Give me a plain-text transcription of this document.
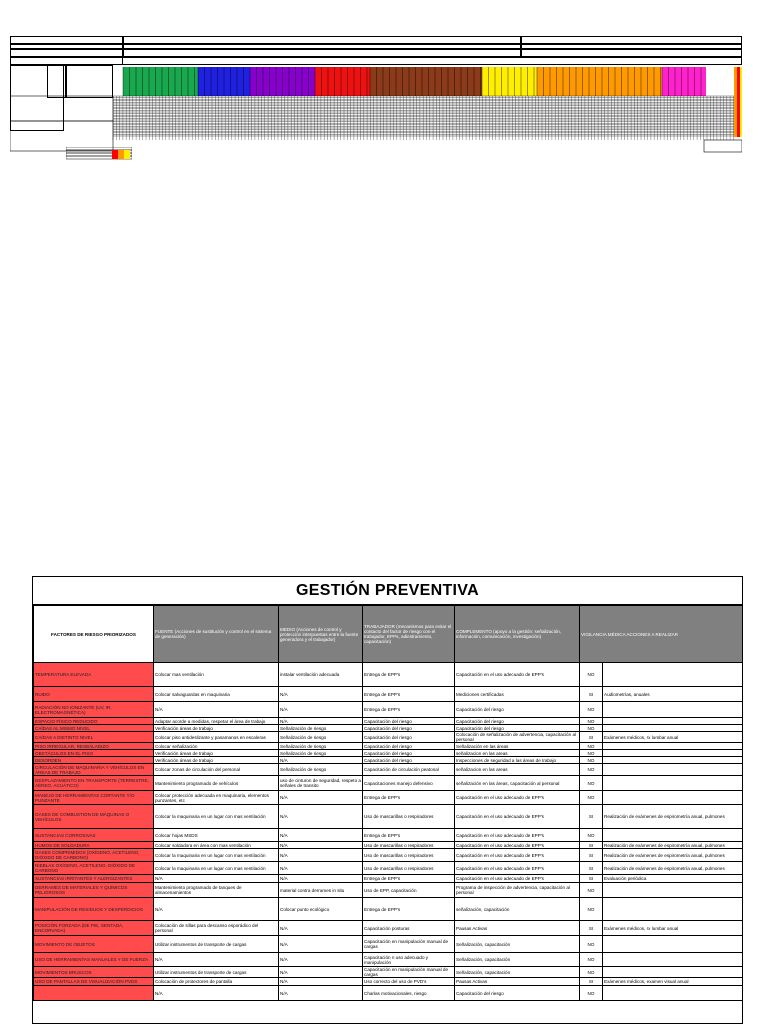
GESTIÓN PREVENTIVA
FACTORES DE RIESGO PRIORIZADOS	FUENTE (Acciones de sustitución y control en el sistema de generación)	MEDIO (Acciones de control y protección interpuestas entre la fuente generadora y el trabajador)	TRABAJADOR (mecanismos para evitar el contacto del factor de riesgo con el trabajador, EPPs, adiestramiento, capacitación)	COMPLEMENTO (apoyo a la gestión: señalización, información, comunicación, investigación)	VIGILANCIA MÉDICA ACCIONES A REALIZAR	
TEMPERATURA ELEVADA	Colocar mas ventilación	instalar ventilación adecuada	Entrega de EPP's	Capacitación en el uso adecuado de EPP's	NO	
RUIDO	Colocar salvaguardas en maquinaria	N/A	Entrega de EPP's	Mediciones certificadas	SI	Audiometrías, anuales
RADIACIÓN NO IONIZANTE (UV, IR, ELECTROMAGNÉTICA)	N/A	N/A	Entrega de EPP's	Capacitación del riesgo	NO	
ESPACIO FÍSICO REDUCIDO	Adaptar acorde a medidas, respetar el área de trabajo	N/A	Capacitación del riesgo	Capacitación del riesgo	NO	
CAÍDAS AL MISMO NIVEL	Verificación áreas de trabajo	Señalización de riesgo	Capacitación del riesgo	Capacitación del riesgo	NO	
CAÍDAS A DISTINTO NIVEL	Colocar piso antideslizante y pasamanos en escaleras	Señalización de riesgo	Capacitación del riesgo	Colocación de señalización de advertencia, capacitación al personal	SI	Exámenes médicos, rx lumbar anual
PISO IRREGULAR, RESBALADIZO	Colocar señalización	Señalización de riesgo	Capacitación del riesgo	Señalización en las áreas	NO	
OBSTÁCULOS EN EL PISO	Verificación áreas de trabajo	Señalización de riesgo	Capacitación del riesgo	señalizacion en las areas	NO	
DESORDEN	Verificación áreas de trabajo	N/A	Capacitación del riesgo	Inspecciones de seguridad a las áreas de trabajo	NO	
CIRCULACIÓN DE MAQUINARIA Y VEHÍCULOS EN ÁREAS DE TRABAJO	Colocar zonas de circulación del personal	Señalización de riesgo	Capacitación de circulación peatonal	señalizacion en las areas	NO	
DESPLAZAMIENTO EN TRANSPORTE (TERRESTRE, AÉREO, ACUÁTICO)	Mantenimiento programado de vehículos	uso de cinturon de seguridad, respeto a señales de transito	Capacitaciones manejo defensivo	señalización en las áreas, capacitación al personal	NO	
MANEJO DE HERRAMIENTAS CORTANTE Y/O PUNZANTE	Colocar protección adecuada en maquinaria, elementos punzantes, etc	N/A	Entrega de EPP's	Capacitación en el uso adecuado de EPP's	NO	
GASES DE COMBUSTIÓN DE MÁQUINAS O VEHÍCULOS	Colocar la maquinaria en un lugar con mas ventilación	N/A	Uso de mascarillas o respiradores	Capacitación en el uso adecuado de EPP's	SI	Realización de exámenes de espirometría anual, pulmones
SUSTANCIAS CORROSIVAS	Colocar hojas MSDS	N/A	Entrega de EPP's	Capacitación en el uso adecuado de EPP's	NO	
HUMOS DE SOLDADURA	Colocar soldadora en área con mas ventilación	N/A	Uso de mascarillas o respiradores	Capacitación en el uso adecuado de EPP's	SI	Realización de exámenes de espirometría anual, pulmones
GASES COMPRIMIDOS (OXÍGENO, ACETILENO, DIÓXIDO DE CARBONO)	Colocar la maquinaria en un lugar con mas ventilación	N/A	Uso de mascarillas o respiradores	Capacitación en el uso adecuado de EPP's	SI	Realización de exámenes de espirometría anual, pulmones
NIEBLAS OXÍGENO, ACETILENO, DIÓXIDO DE CARBONO	Colocar la maquinaria en un lugar con mas ventilación	N/A	Uso de mascarillas o respiradores	Capacitación en el uso adecuado de EPP's	SI	Realización de exámenes de espirometría anual, pulmones
SUSTANCIAS IRRITANTES Y ALERGIZANTES	N/A	N/A	Entrega de EPP's	Capacitación en el uso adecuado de EPP's	SI	Evaluación periódica
DERRAMES DE MATERIALES Y QUÍMICOS PELIGROSOS	Mantenimiento programado de tanques de almacenamientos	material contra derrames in situ	Uso de EPP, capacitación	Programa de inspección de advertencia, capacitación al personal	NO	
MANIPULACIÓN DE RESIDUOS Y DESPERDICIOS	N/A	Colocar punto ecológico	Entrega de EPP's	señalización, capacitación	NO	
POSICIÓN FORZADA (DE PIE, SENTADA, ENCORVADA)	Colocación de sillas para descanso esporádico del personal	N/A	Capacitación posturas	Pausas Activas	SI	Exámenes médicos, rx lumbar anual
MOVIMIENTO DE OBJETOS	Utilizar instrumentos de transporte de cargas	N/A	Capacitación en manipulación manual de cargas	Señalización, capacitación	NO	
USO DE HERRAMIENTAS MANUALES Y DE FUERZA	N/A	N/A	Capacitación n uso adecuado y manipulación	Señalización, capacitación	NO	
MOVIMIENTOS BRUSCOS	Utilizar instrumentos de transporte de cargas	N/A	Capacitación en manipulación manual de cargas	Señalización, capacitación	NO	
USO DE PANTALLAS DE VISUALIZACIÓN PVDS	Colocación de protectores de pantalla	N/A	Uso correcto del uso de PVD's	Pausas Activas	SI	Exámenes médicos, examen visual anual
	N/A	N/A	Charlas motivacionales, riesgo	Capacitación del riesgo	NO	
